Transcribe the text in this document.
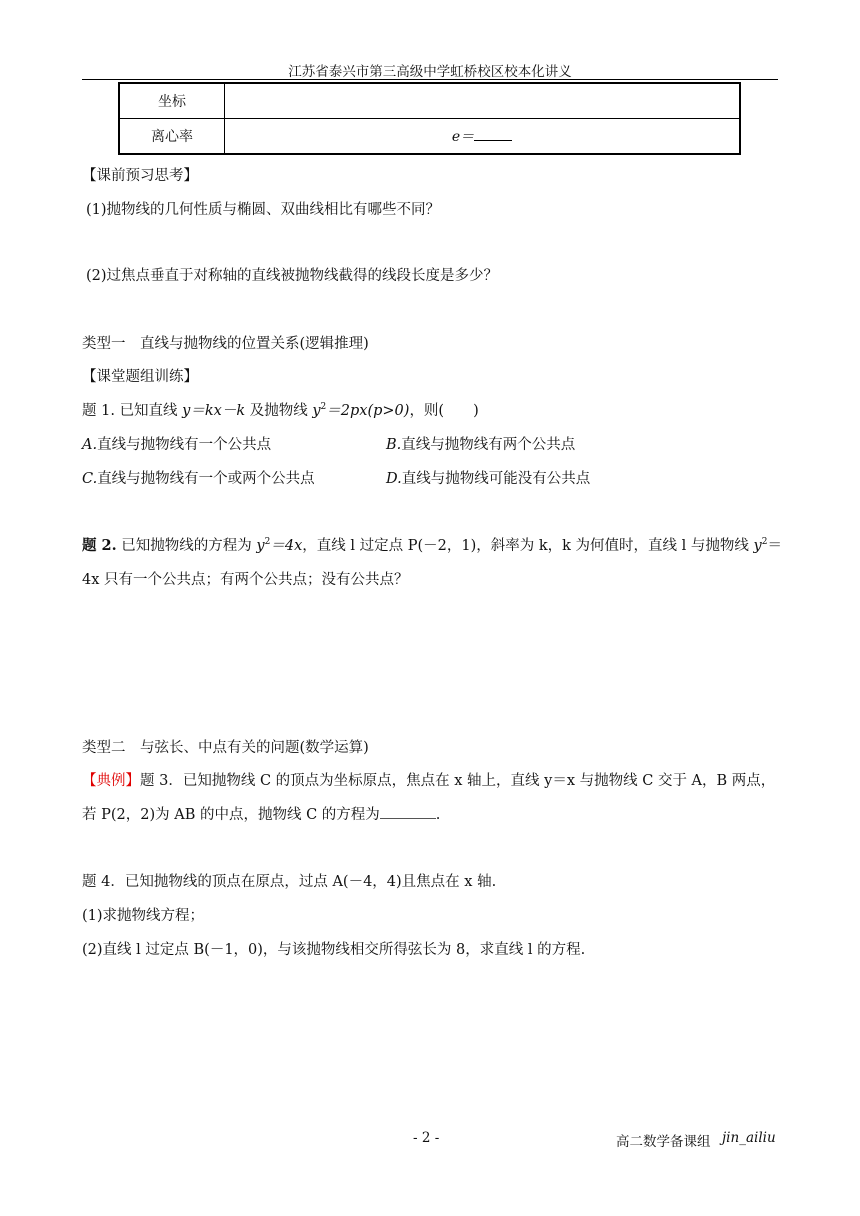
江苏省泰兴市第三高级中学虹桥校区校本化讲义
坐标	
离心率	e＝
【课前预习思考】
(1)抛物线的几何性质与椭圆、双曲线相比有哪些不同？
(2)过焦点垂直于对称轴的直线被抛物线截得的线段长度是多少？
类型一　直线与抛物线的位置关系(逻辑推理)
【课堂题组训练】
题 1. 已知直线 y＝kx－k 及抛物线 $y^2=2px(p>0)$，则(　　)
A.直线与抛物线有一个公共点	B.直线与抛物线有两个公共点
C.直线与抛物线有一个或两个公共点	D.直线与抛物线可能没有公共点
题 2. 已知抛物线的方程为 $y^2=4x$，直线 l 过定点 P(－2，1)，斜率为 k，k 为何值时，直线 l 与抛物线 $y^2=$
4x 只有一个公共点；有两个公共点；没有公共点？
类型二　与弦长、中点有关的问题(数学运算)
【典例】题 3．已知抛物线 C 的顶点为坐标原点，焦点在 x 轴上，直线 y＝x 与抛物线 C 交于 A，B 两点，
若 P(2，2)为 AB 的中点，抛物线 C 的方程为	.
题 4．已知抛物线的顶点在原点，过点 A(－4，4)且焦点在 x 轴.
(1)求抛物线方程；
(2)直线 l 过定点 B(－1，0)，与该抛物线相交所得弦长为 8，求直线 l 的方程.
- 2 -	高二数学备课组 jin_ailiu
